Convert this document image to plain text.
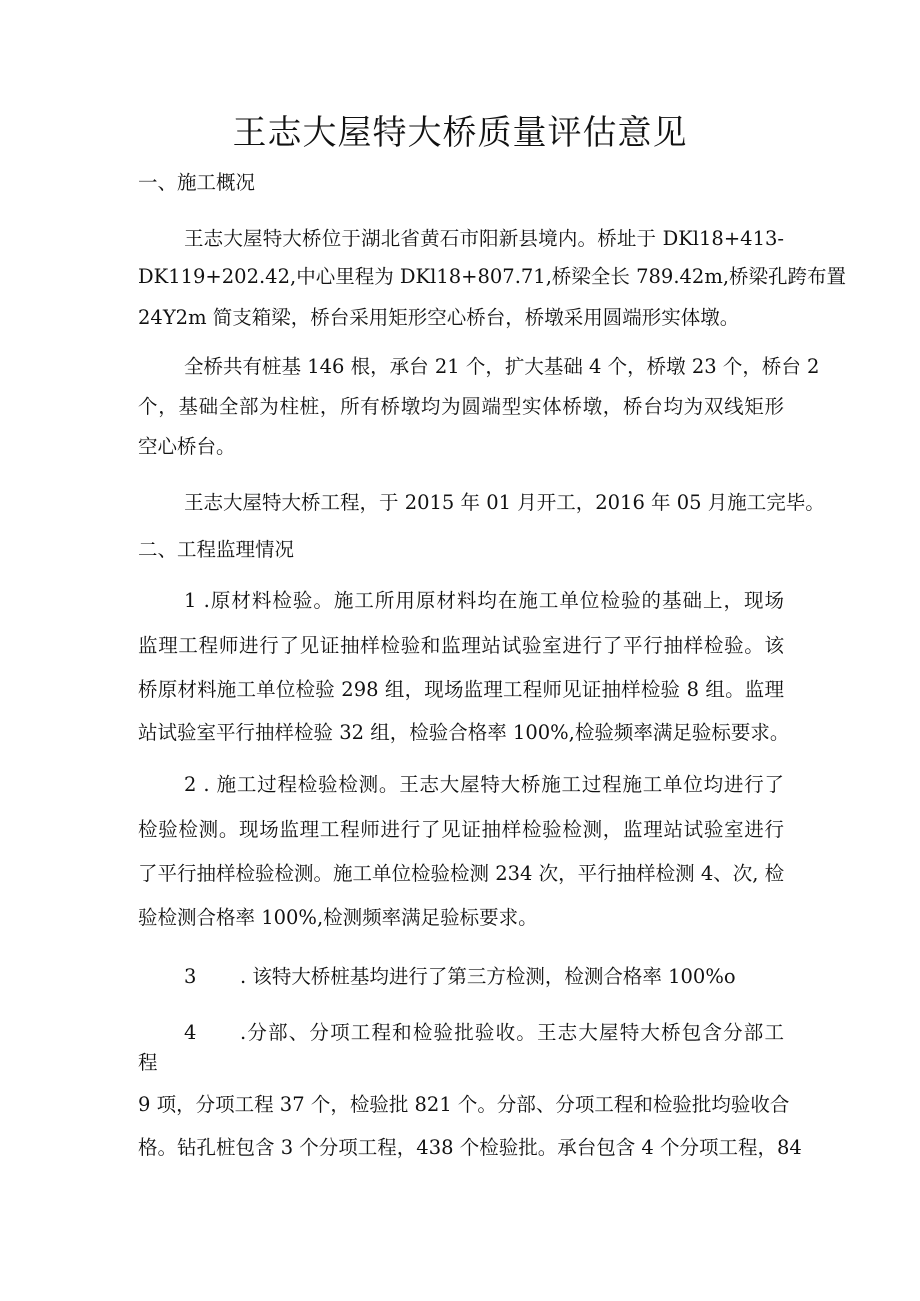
王志大屋特大桥质量评估意见
一、施工概况
王志大屋特大桥位于湖北省黄石市阳新县境内。桥址于 DKl18+413-
DK119+202.42,中心里程为 DKl18+807.71,桥梁全长 789.42m,桥梁孔跨布置
24Y2m 简支箱梁，桥台采用矩形空心桥台，桥墩采用圆端形实体墩。
全桥共有桩基 146 根，承台 21 个，扩大基础 4 个，桥墩 23 个，桥台 2
个，基础全部为柱桩，所有桥墩均为圆端型实体桥墩，桥台均为双线矩形
空心桥台。
王志大屋特大桥工程，于 2015 年 01 月开工，2016 年 05 月施工完毕。
二、工程监理情况
1 .原材料检验。施工所用原材料均在施工单位检验的基础上，现场
监理工程师进行了见证抽样检验和监理站试验室进行了平行抽样检验。该
桥原材料施工单位检验 298 组，现场监理工程师见证抽样检验 8 组。监理
站试验室平行抽样检验 32 组，检验合格率 100%,检验频率满足验标要求。
2 . 施工过程检验检测。王志大屋特大桥施工过程施工单位均进行了
检验检测。现场监理工程师进行了见证抽样检验检测，监理站试验室进行
了平行抽样检验检测。施工单位检验检测 234 次，平行抽样检测 4、次, 检
验检测合格率 100%,检测频率满足验标要求。
3 . 该特大桥桩基均进行了第三方检测，检测合格率 100%o
4 .分部、分项工程和检验批验收。王志大屋特大桥包含分部工
程
9 项，分项工程 37 个，检验批 821 个。分部、分项工程和检验批均验收合
格。钻孔桩包含 3 个分项工程，438 个检验批。承台包含 4 个分项工程，84
